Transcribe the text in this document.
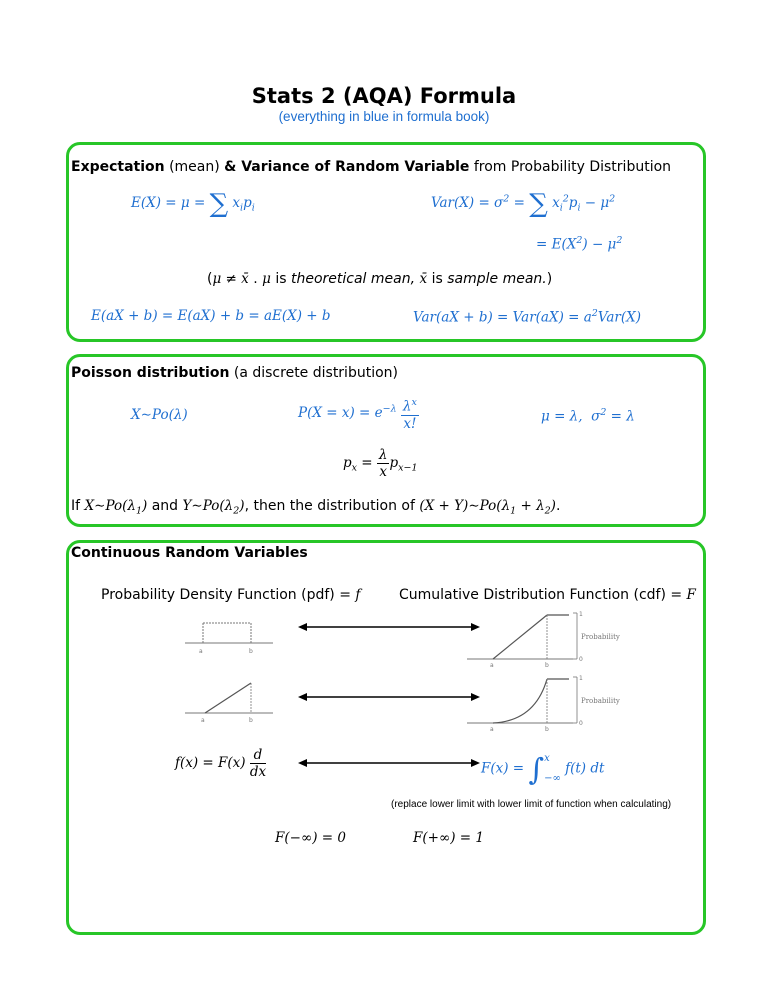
Stats 2 (AQA) Formula
(everything in blue in formula book)
Expectation (mean) & Variance of Random Variable from Probability Distribution
E(X) = μ = ∑ $x_ip_i$	$Var(X) = \sigma^2$ = ∑ $x_i^2p_i - \mu^2$
= $E(X^2) - \mu^2$
(μ ≠ x̄ . μ is theoretical mean, x̄ is sample mean.)
E(aX + b) = E(aX) + b = aE(X) + b	$Var(aX + b) = Var(aX) = a^2Var(X)$
Poisson distribution (a discrete distribution)
X∼Po(λ)	$P(X = x) = e^{-\lambda} \frac{\lambda^x}{x!}$	μ = λ,  $\sigma^2 = \lambda$
$p_x = \frac{\lambda}{x} p_{x-1}$
If $X\sim Po(\lambda_1)$ and $Y\sim Po(\lambda_2)$, then the distribution of $(X + Y)\sim Po(\lambda_1 + \lambda_2)$.
Continuous Random Variables
Probability Density Function (pdf) = f	Cumulative Distribution Function (cdf) = F
a	b
1
0
Probability
a	b
a	b
1
0
Probability
a	b
$f(x) = F(x) \frac{d}{dx}$	F(x) = ∫ x
−∞
f(t) dt
(replace lower limit with lower limit of function when calculating)
F(−∞) = 0	F(+∞) = 1
